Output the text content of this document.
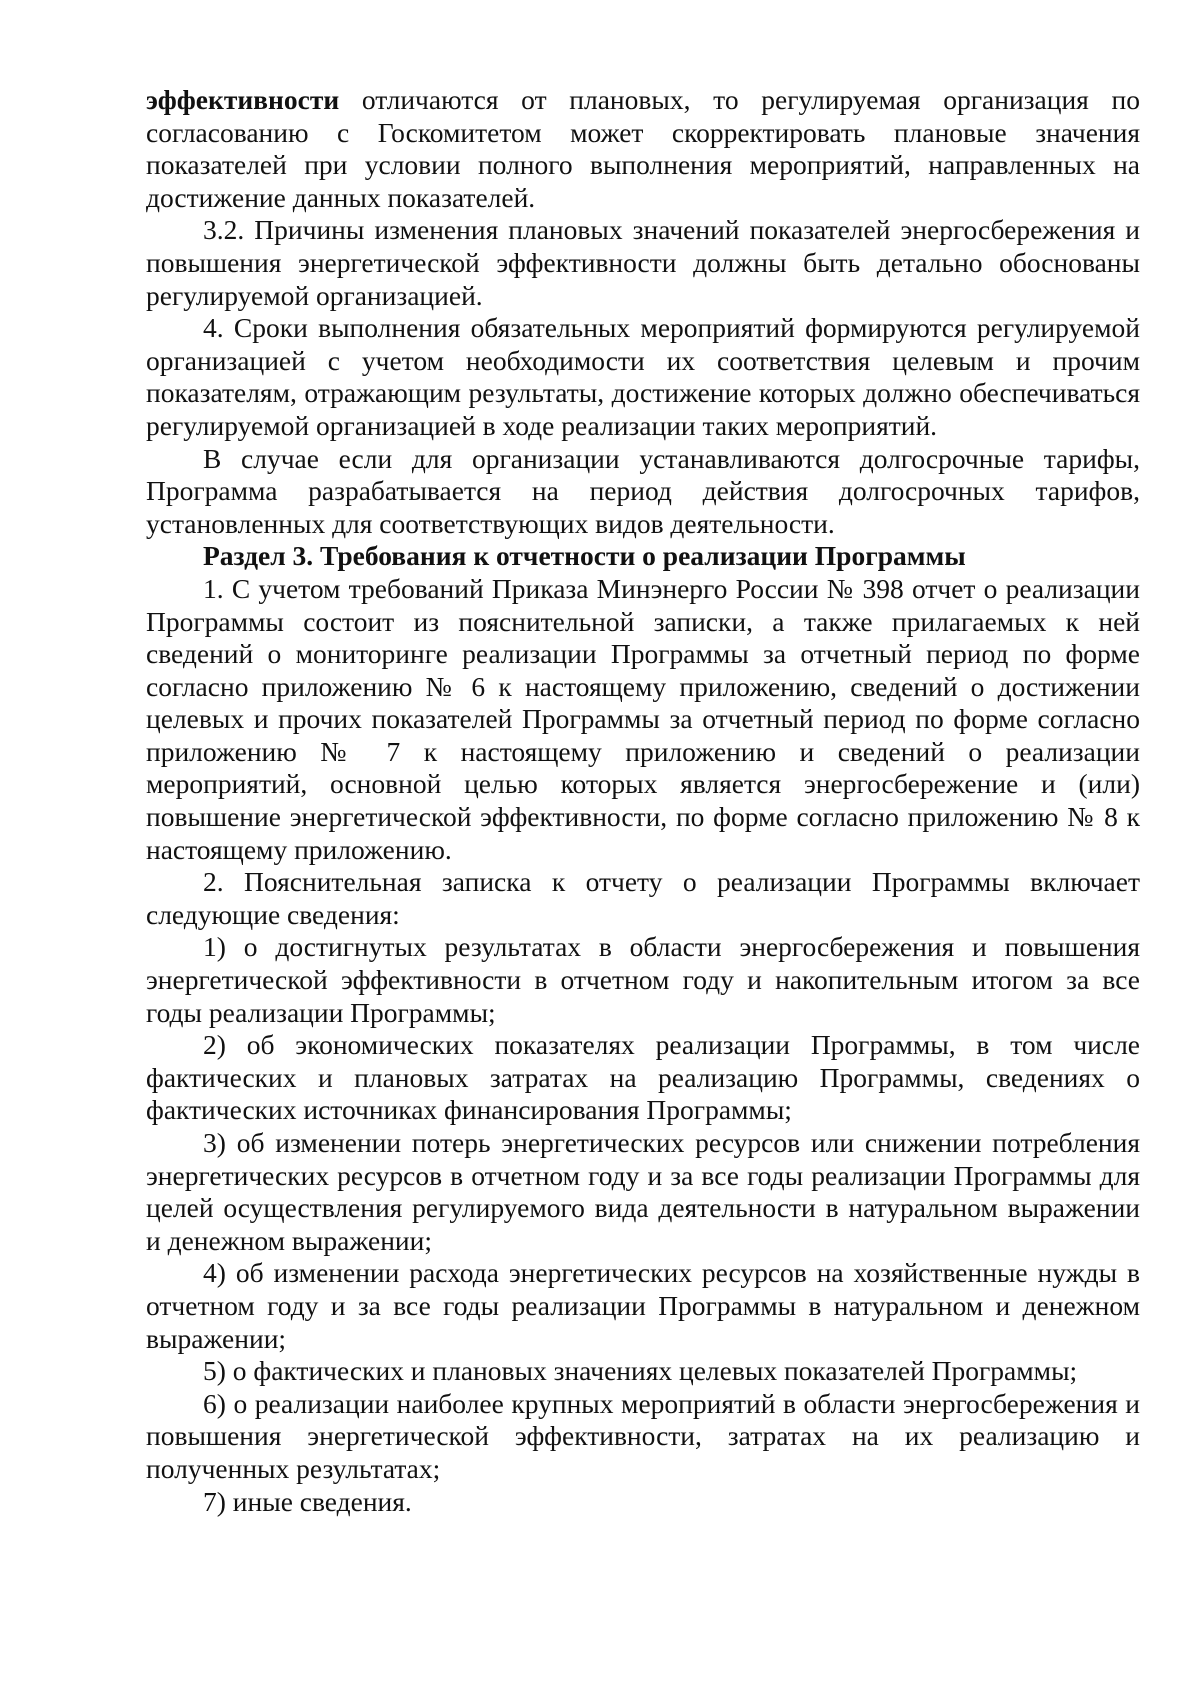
эффективности отличаются от плановых, то регулируемая организация по согласованию с Госкомитетом может скорректировать плановые значения показателей при условии полного выполнения мероприятий, направленных на достижение данных показателей.

3.2. Причины изменения плановых значений показателей энергосбережения и повышения энергетической эффективности должны быть детально обоснованы регулируемой организацией.

4. Сроки выполнения обязательных мероприятий формируются регулируемой организацией с учетом необходимости их соответствия целевым и прочим показателям, отражающим результаты, достижение которых должно обеспечиваться регулируемой организацией в ходе реализации таких мероприятий.

В случае если для организации устанавливаются долгосрочные тарифы, Программа разрабатывается на период действия долгосрочных тарифов, установленных для соответствующих видов деятельности.

Раздел 3. Требования к отчетности о реализации Программы

1. С учетом требований Приказа Минэнерго России № 398 отчет о реализации Программы состоит из пояснительной записки, а также прилагаемых к ней сведений о мониторинге реализации Программы за отчетный период по форме согласно приложению № 6 к настоящему приложению, сведений о достижении целевых и прочих показателей Программы за отчетный период по форме согласно приложению № 7 к настоящему приложению и сведений о реализации мероприятий, основной целью которых является энергосбережение и (или) повышение энергетической эффективности, по форме согласно приложению № 8 к настоящему приложению.

2. Пояснительная записка к отчету о реализации Программы включает следующие сведения:

1) о достигнутых результатах в области энергосбережения и повышения энергетической эффективности в отчетном году и накопительным итогом за все годы реализации Программы;

2) об экономических показателях реализации Программы, в том числе фактических и плановых затратах на реализацию Программы, сведениях о фактических источниках финансирования Программы;

3) об изменении потерь энергетических ресурсов или снижении потребления энергетических ресурсов в отчетном году и за все годы реализации Программы для целей осуществления регулируемого вида деятельности в натуральном выражении и денежном выражении;

4) об изменении расхода энергетических ресурсов на хозяйственные нужды в отчетном году и за все годы реализации Программы в натуральном и денежном выражении;

5) о фактических и плановых значениях целевых показателей Программы;

6) о реализации наиболее крупных мероприятий в области энергосбережения и повышения энергетической эффективности, затратах на их реализацию и полученных результатах;

7) иные сведения.
